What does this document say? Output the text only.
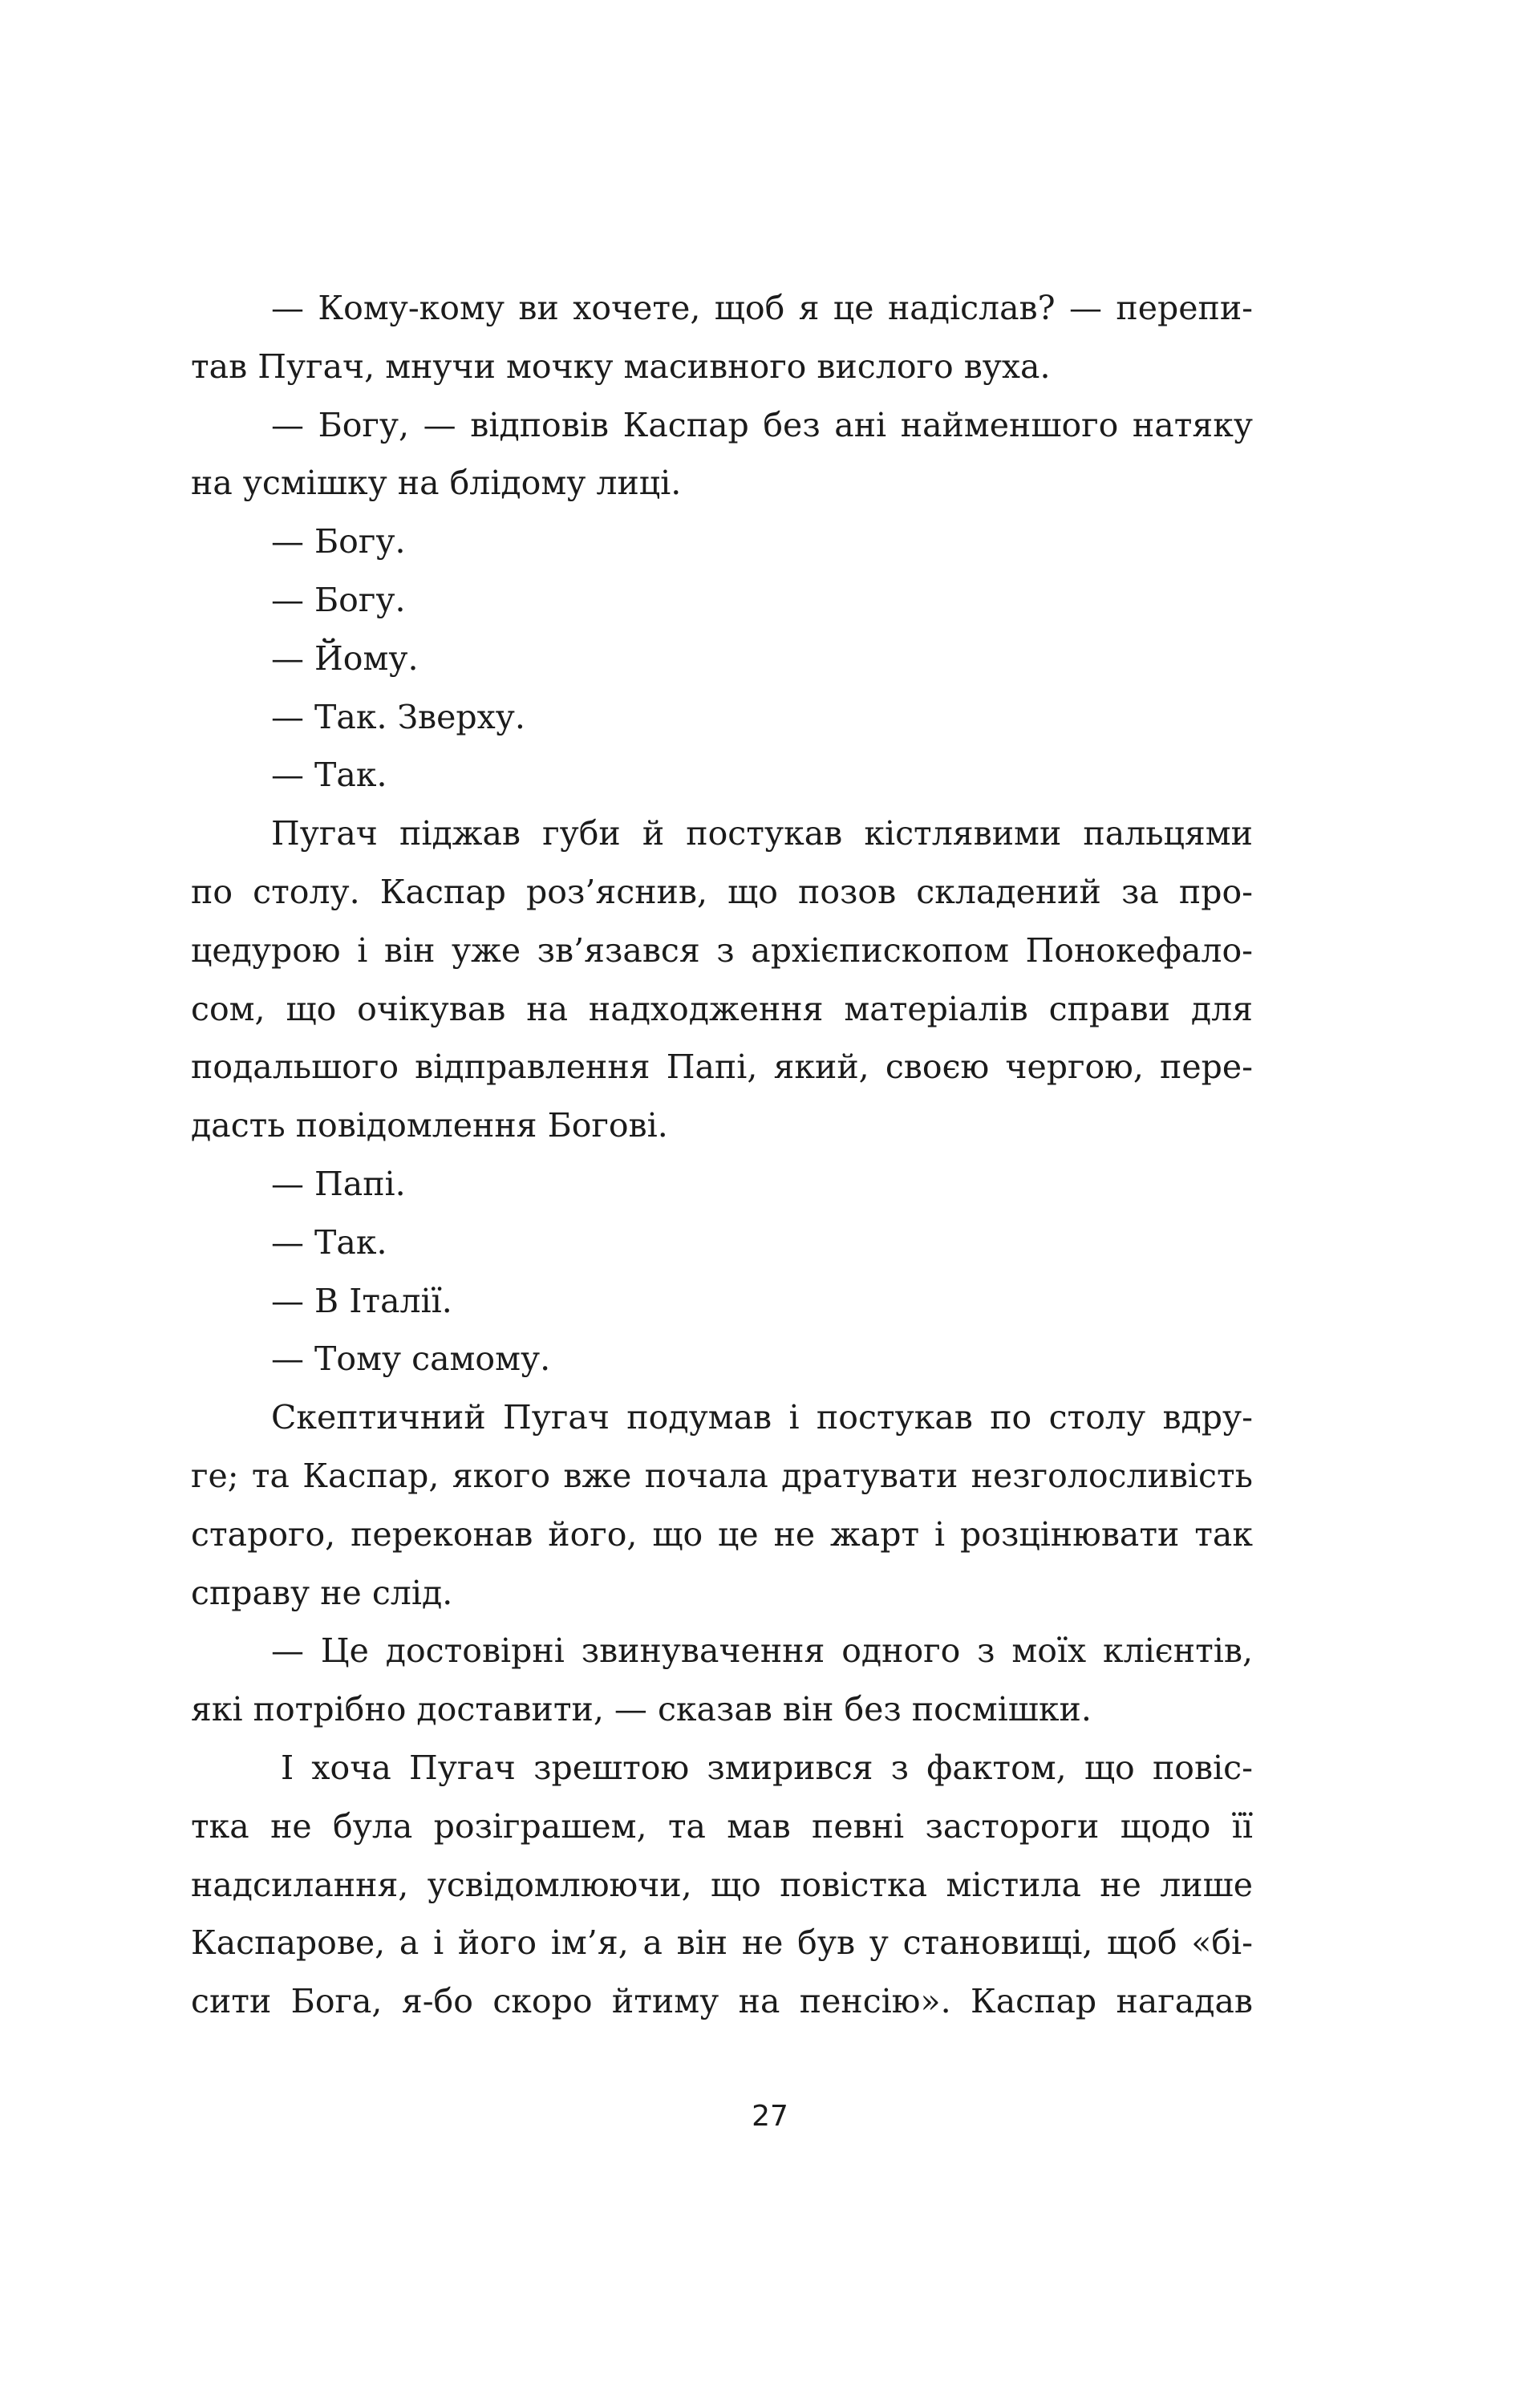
— Кому-кому ви хочете, щоб я це надіслав? — перепи-
тав Пугач, мнучи мочку масивного вислого вуха.
— Богу, — відповів Каспар без ані найменшого натяку
на усмішку на блідому лиці.
— Богу.
— Богу.
— Йому.
— Так. Зверху.
— Так.
Пугач піджав губи й постукав кістлявими пальцями
по столу. Каспар роз’яснив, що позов складений за про-
цедурою і він уже зв’язався з архієпископом Понокефало-
сом, що очікував на надходження матеріалів справи для
подальшого відправлення Папі, який, своєю чергою, пере-
дасть повідомлення Богові.
— Папі.
— Так.
— В Італії.
— Тому самому.
Скептичний Пугач подумав і постукав по столу вдру-
ге; та Каспар, якого вже почала дратувати незголосливість
старого, переконав його, що це не жарт і розцінювати так
справу не слід.
— Це достовірні звинувачення одного з моїх клієнтів,
які потрібно доставити, — сказав він без посмішки.
І хоча Пугач зрештою змирився з фактом, що повіс-
тка не була розіграшем, та мав певні застороги щодо її
надсилання, усвідомлюючи, що повістка містила не лише
Каспарове, а і його ім’я, а він не був у становищі, щоб «бі-
сити Бога, я-бо скоро йтиму на пенсію». Каспар нагадав
27
